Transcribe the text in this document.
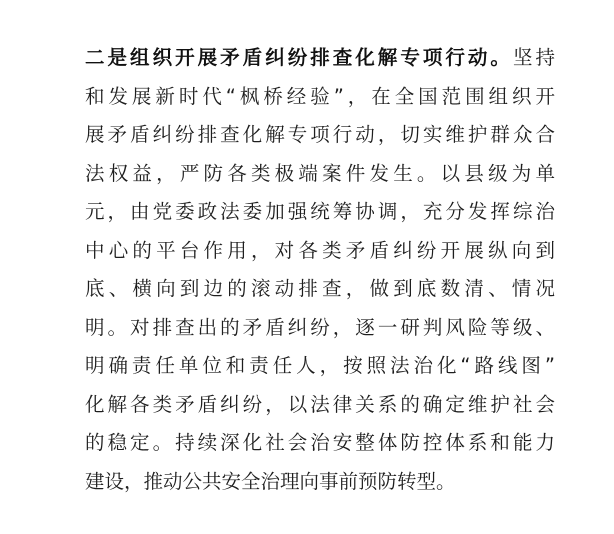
二是组织开展矛盾纠纷排查化解专项行动。坚持
和发展新时代“枫桥经验”，在全国范围组织开
展矛盾纠纷排查化解专项行动，切实维护群众合
法权益，严防各类极端案件发生。以县级为单
元，由党委政法委加强统筹协调，充分发挥综治
中心的平台作用，对各类矛盾纠纷开展纵向到
底、横向到边的滚动排查，做到底数清、情况
明。对排查出的矛盾纠纷，逐一研判风险等级、
明确责任单位和责任人，按照法治化“路线图”
化解各类矛盾纠纷，以法律关系的确定维护社会
的稳定。持续深化社会治安整体防控体系和能力
建设，推动公共安全治理向事前预防转型。
